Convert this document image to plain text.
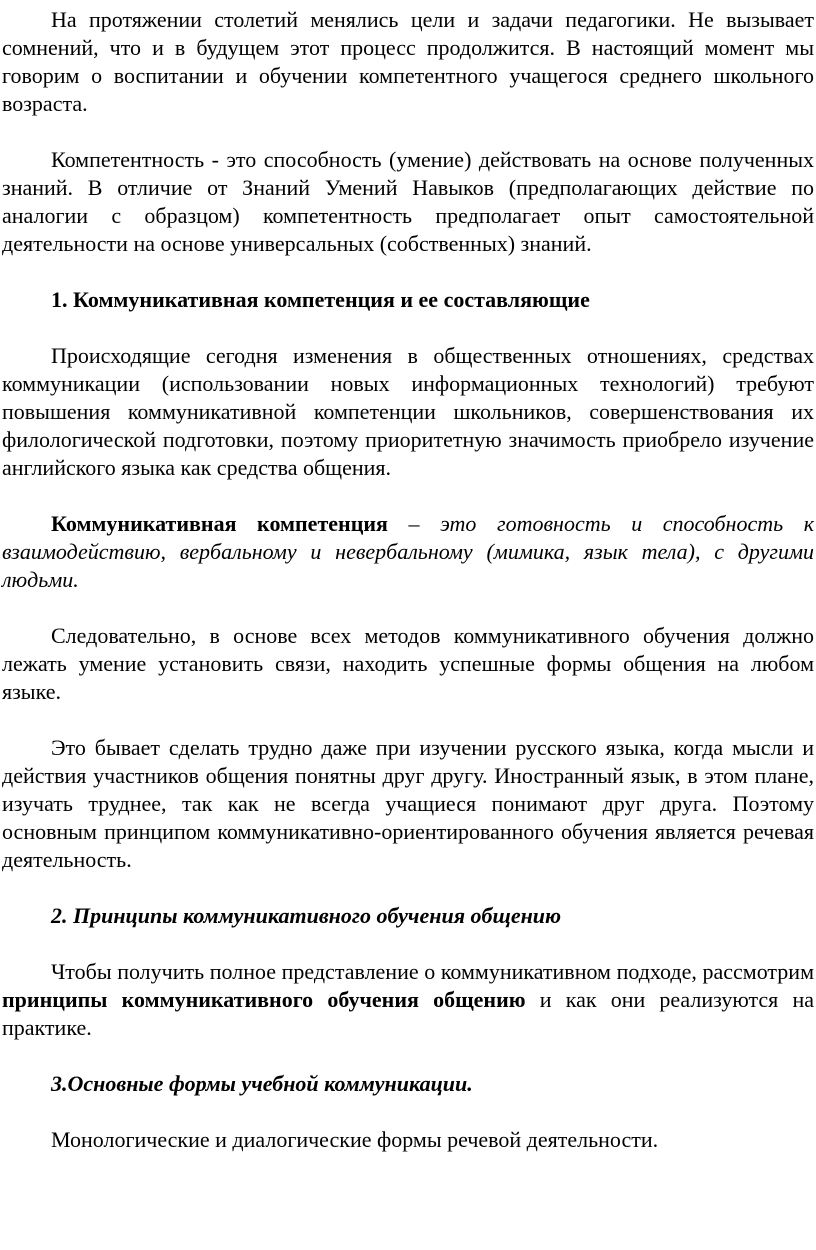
На протяжении столетий менялись цели и задачи педагогики. Не вызывает сомнений, что и в будущем этот процесс продолжится. В настоящий момент мы говорим о воспитании и обучении компетентного учащегося среднего школьного возраста.

Компетентность - это способность (умение) действовать на основе полученных знаний. В отличие от Знаний Умений Навыков (предполагающих действие по аналогии с образцом) компетентность предполагает опыт самостоятельной деятельности на основе универсальных (собственных) знаний.

1. Коммуникативная компетенция и ее составляющие

Происходящие сегодня изменения в общественных отношениях, средствах коммуникации (использовании новых информационных технологий) требуют повышения коммуникативной компетенции школьников, совершенствования их филологической подготовки, поэтому приоритетную значимость приобрело изучение английского языка как средства общения.

Коммуникативная компетенция – это готовность и способность к взаимодействию, вербальному и невербальному (мимика, язык тела), с другими людьми.

Следовательно, в основе всех методов коммуникативного обучения должно лежать умение установить связи, находить успешные формы общения на любом языке.

Это бывает сделать трудно даже при изучении русского языка, когда мысли и действия участников общения понятны друг другу. Иностранный язык, в этом плане, изучать труднее, так как не всегда учащиеся понимают друг друга. Поэтому основным принципом коммуникативно-ориентированного обучения является речевая деятельность.

2. Принципы коммуникативного обучения общению

Чтобы получить полное представление о коммуникативном подходе, рассмотрим принципы коммуникативного обучения общению и как они реализуются на практике.

3.Основные формы учебной коммуникации.

Монологические и диалогические формы речевой деятельности.
